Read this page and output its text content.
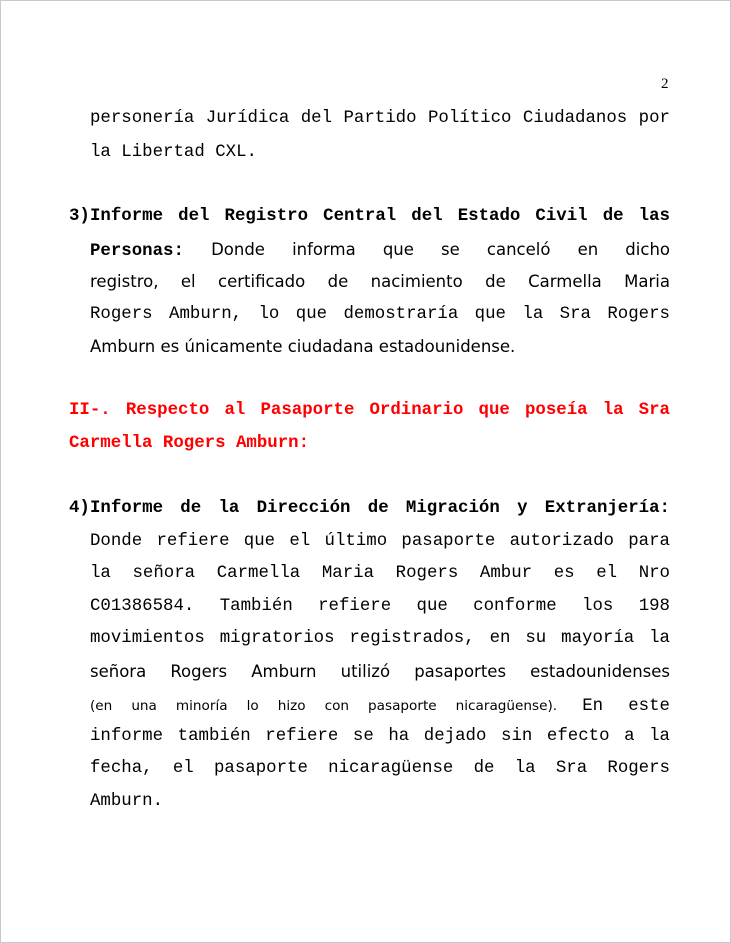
2
personería Jurídica del Partido Político Ciudadanos por
la Libertad CXL.
3) Informe del Registro Central del Estado Civil de las
Personas: Donde informa que se canceló en dicho
registro, el certificado de nacimiento de Carmella Maria
Rogers Amburn, lo que demostraría que la Sra Rogers
Amburn es únicamente ciudadana estadounidense.
II-. Respecto al Pasaporte Ordinario que poseía la Sra
Carmella Rogers Amburn:
4) Informe de la Dirección de Migración y Extranjería:
Donde refiere que el último pasaporte autorizado para
la señora Carmella Maria Rogers Ambur es el Nro
C01386584. También refiere que conforme los 198
movimientos migratorios registrados, en su mayoría la
señora Rogers Amburn utilizó pasaportes estadounidenses
(en una minoría lo hizo con pasaporte nicaragüense). En este
informe también refiere se ha dejado sin efecto a la
fecha, el pasaporte nicaragüense de la Sra Rogers
Amburn.
